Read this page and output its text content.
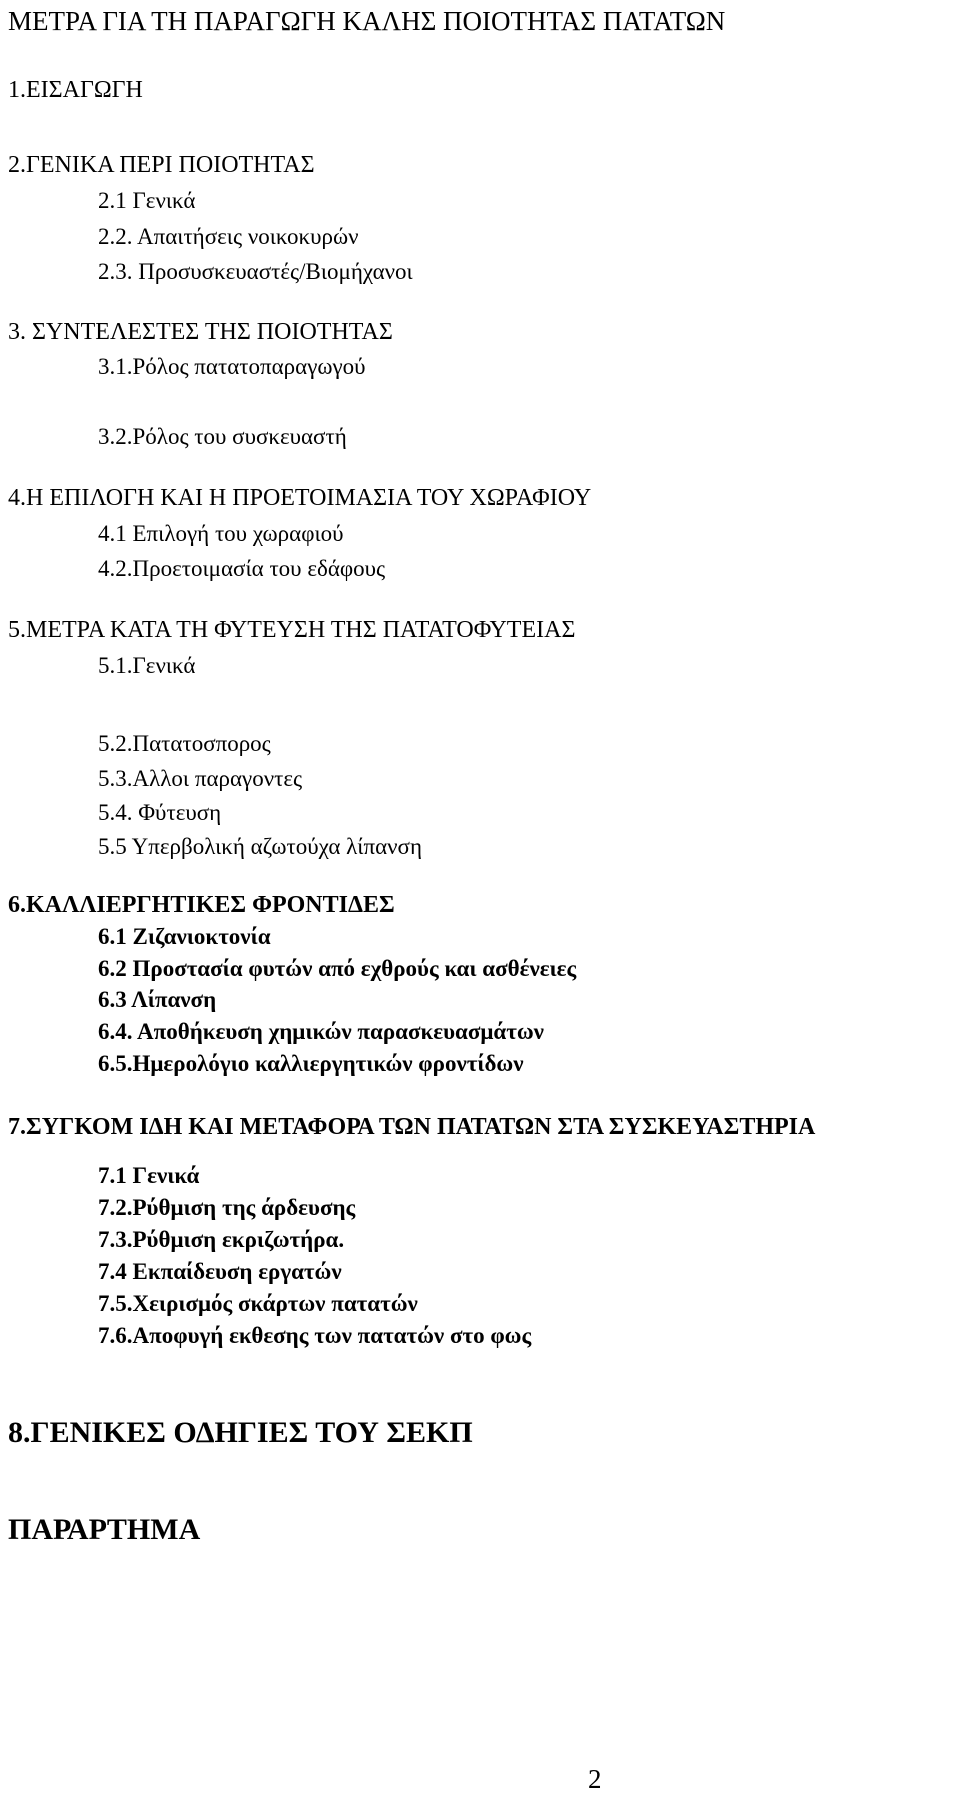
ΜΕΤΡΑ ΓΙΑ ΤΗ ΠΑΡΑΓΩΓΗ ΚΑΛΗΣ ΠΟΙΟΤΗΤΑΣ ΠΑΤΑΤΩΝ
1.ΕΙΣΑΓΩΓΗ
2.ΓΕΝΙΚΑ ΠΕΡΙ ΠΟΙΟΤΗΤΑΣ
2.1 Γενικά
2.2. Απαιτήσεις νοικοκυρών
2.3. Προσυσκευαστές/Βιομήχανοι
3. ΣΥΝΤΕΛΕΣΤΕΣ ΤΗΣ ΠΟΙΟΤΗΤΑΣ
3.1.Ρόλος πατατοπαραγωγού
3.2.Ρόλος του συσκευαστή
4.Η ΕΠΙΛΟΓΗ ΚΑΙ Η ΠΡΟΕΤΟΙΜΑΣΙΑ ΤΟΥ ΧΩΡΑΦΙΟΥ
4.1 Επιλογή του χωραφιού
4.2.Προετοιμασία του εδάφους
5.ΜΕΤΡΑ ΚΑΤΑ ΤΗ ΦΥΤΕΥΣΗ ΤΗΣ ΠΑΤΑΤΟΦΥΤΕΙΑΣ
5.1.Γενικά
5.2.Πατατοσπορος
5.3.Αλλοι παραγοντες
5.4. Φύτευση
5.5 Υπερβολική αζωτούχα λίπανση
6.ΚΑΛΛΙΕΡΓΗΤΙΚΕΣ ΦΡΟΝΤΙΔΕΣ
6.1 Ζιζανιοκτονία
6.2 Προστασία φυτών από εχθρούς και ασθένειες
6.3 Λίπανση
6.4. Αποθήκευση χημικών παρασκευασμάτων
6.5.Ημερολόγιο καλλιεργητικών φροντίδων
7.ΣΥΓΚΟΜ ΙΔΗ ΚΑΙ ΜΕΤΑΦΟΡΑ ΤΩΝ ΠΑΤΑΤΩΝ ΣΤΑ ΣΥΣΚΕΥΑΣΤΗΡΙΑ
7.1 Γενικά
7.2.Ρύθμιση της άρδευσης
7.3.Ρύθμιση εκριζωτήρα.
7.4 Εκπαίδευση εργατών
7.5.Χειρισμός σκάρτων πατατών
7.6.Αποφυγή εκθεσης των πατατών στο φως
8.ΓΕΝΙΚΕΣ ΟΔΗΓΙΕΣ ΤΟΥ ΣΕΚΠ
ΠΑΡΑΡΤΗΜΑ
2
